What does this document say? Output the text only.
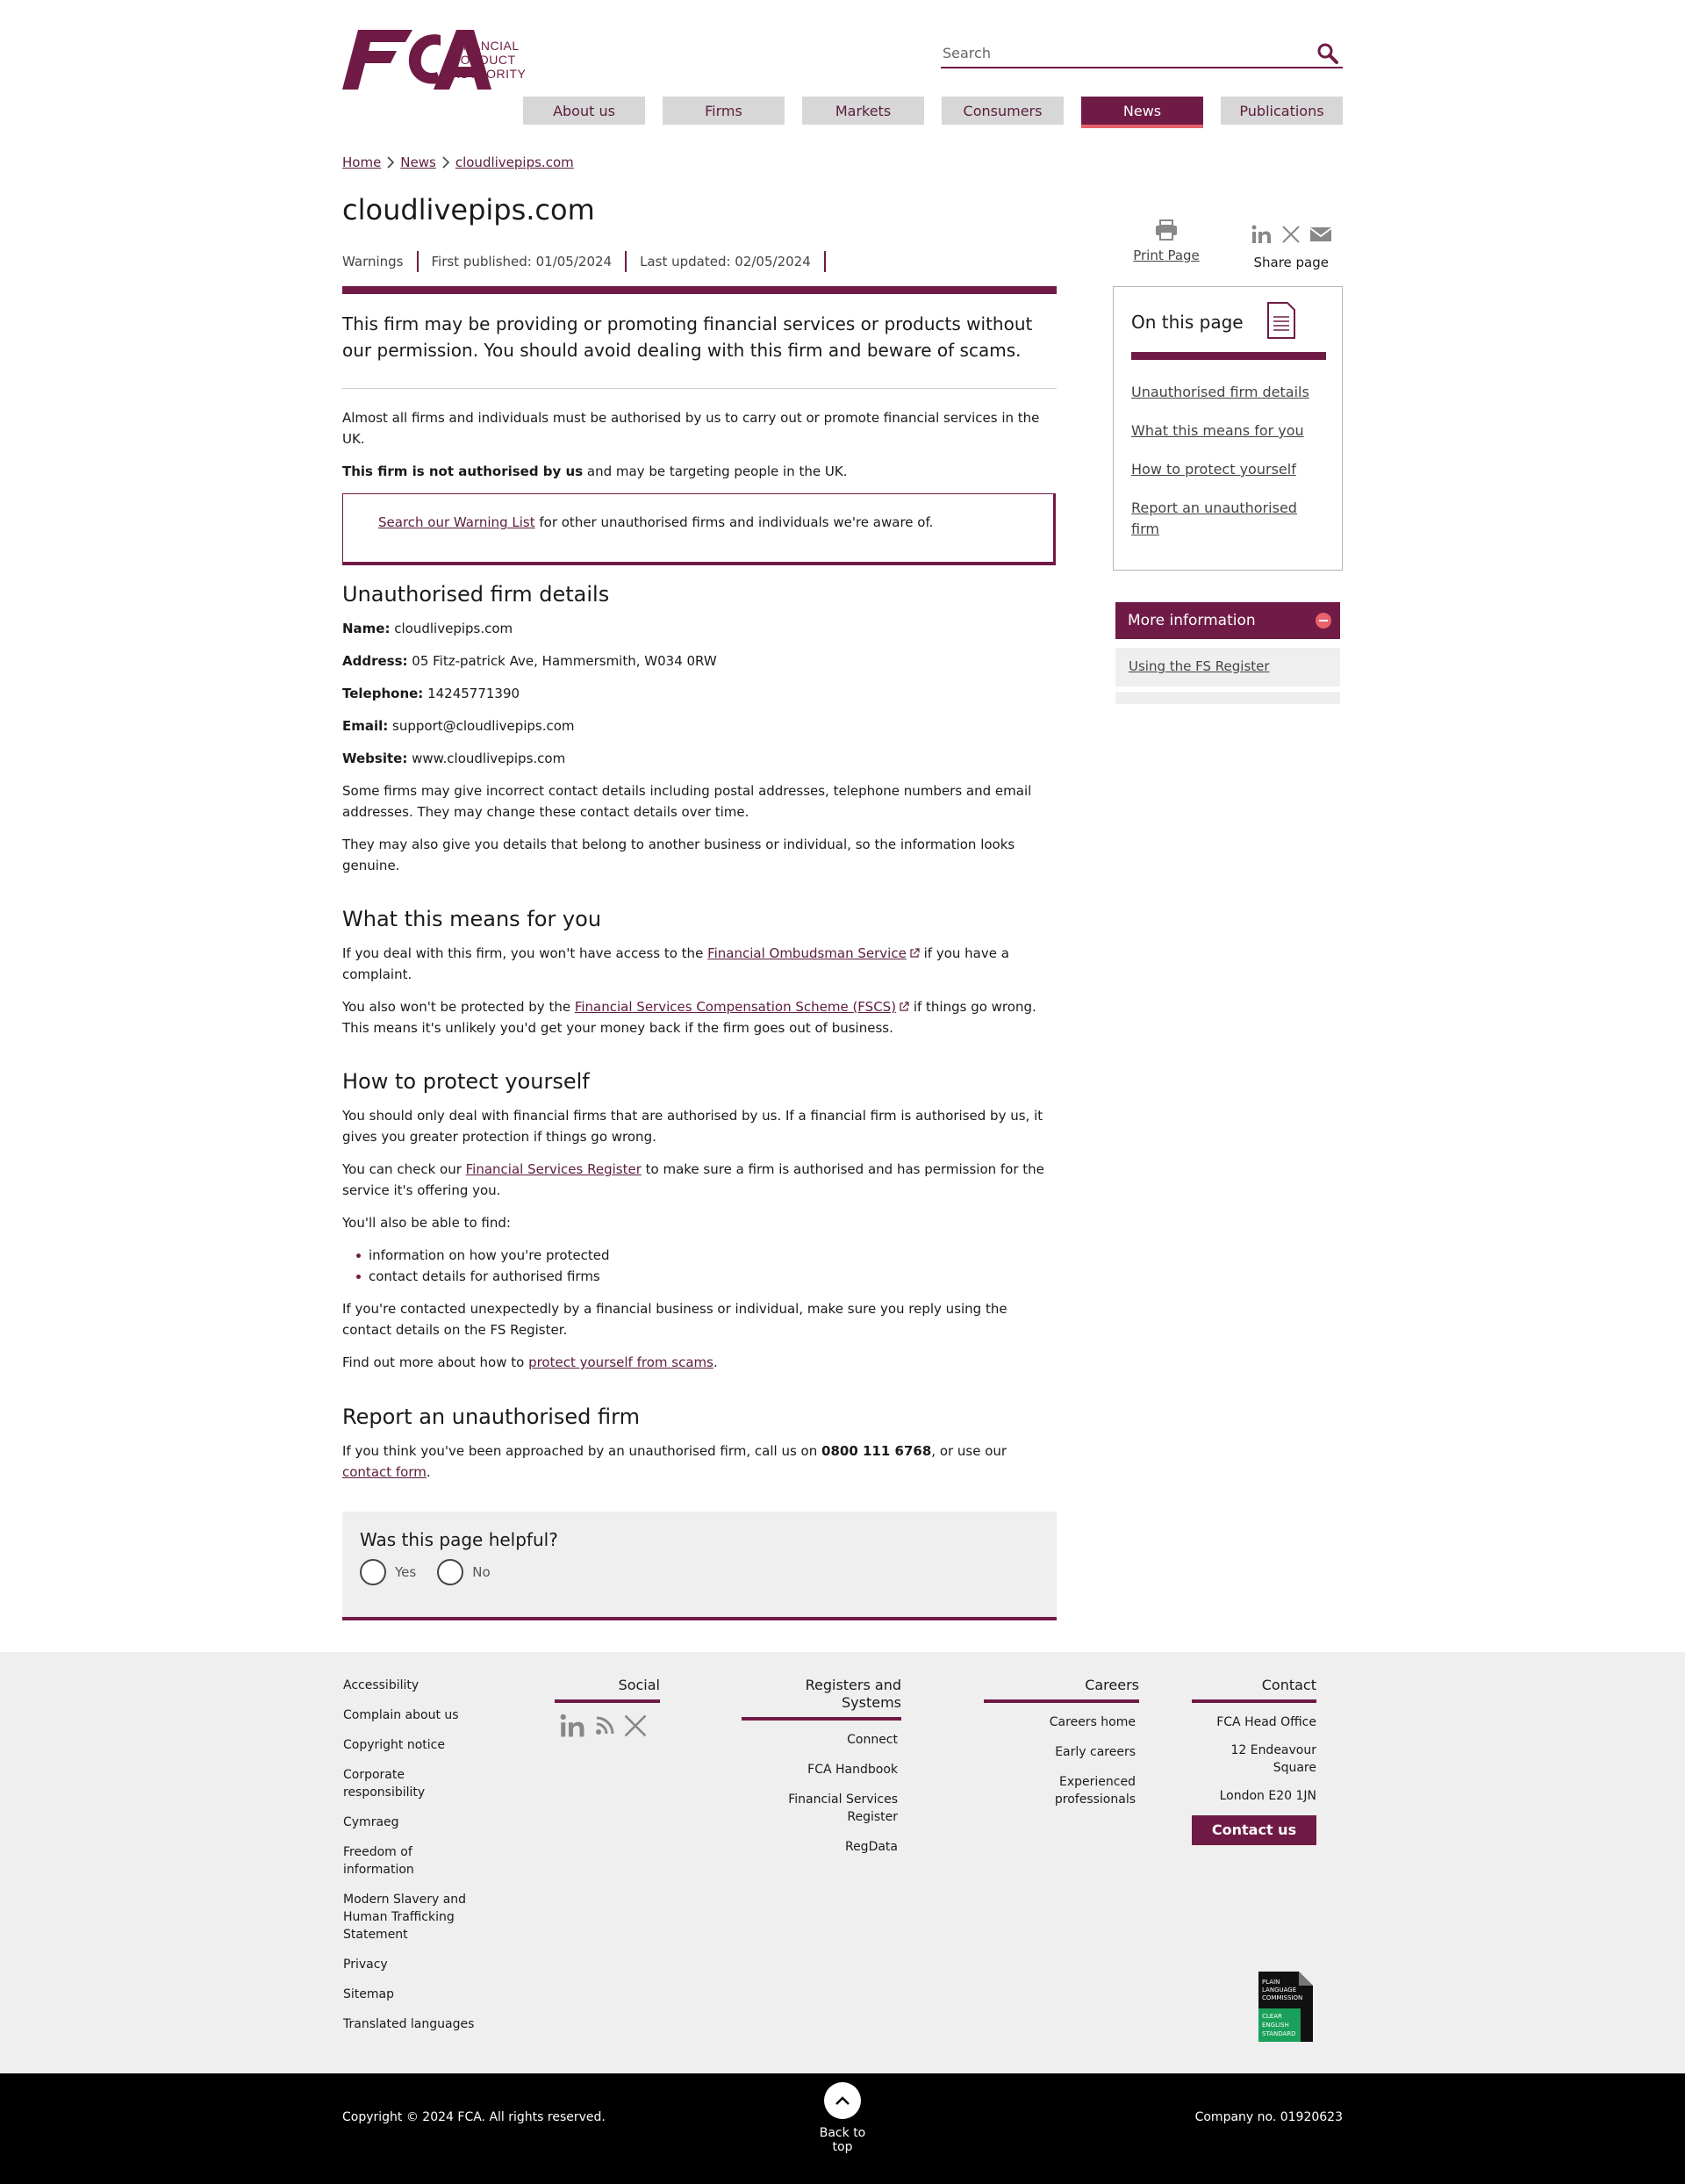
FINANCIAL
CONDUCT
AUTHORITY
Search
About us	Firms	Markets	Consumers	News	Publications
Home News cloudlivepips.com
cloudlivepips.com
Warnings	First published: 01/05/2024	Last updated: 02/05/2024

This firm may be providing or promoting financial services or products without our permission. You should avoid dealing with this firm and beware of scams.

Almost all firms and individuals must be authorised by us to carry out or promote financial services in the UK.

This firm is not authorised by us and may be targeting people in the UK.

Search our Warning List for other unauthorised firms and individuals we're aware of.
Unauthorised firm details

Name: cloudlivepips.com

Address: 05 Fitz-patrick Ave, Hammersmith, W034 0RW

Telephone: 14245771390

Email: support@cloudlivepips.com

Website: www.cloudlivepips.com

Some firms may give incorrect contact details including postal addresses, telephone numbers and email addresses. They may change these contact details over time.

They may also give you details that belong to another business or individual, so the information looks genuine.

What this means for you

If you deal with this firm, you won't have access to the Financial Ombudsman Service if you have a complaint.

You also won't be protected by the Financial Services Compensation Scheme (FSCS) if things go wrong. This means it's unlikely you'd get your money back if the firm goes out of business.

How to protect yourself

You should only deal with financial firms that are authorised by us. If a financial firm is authorised by us, it gives you greater protection if things go wrong.

You can check our Financial Services Register to make sure a firm is authorised and has permission for the service it's offering you.

You'll also be able to find:

information on how you're protected
contact details for authorised firms

If you're contacted unexpectedly by a financial business or individual, make sure you reply using the contact details on the FS Register.

Find out more about how to protect yourself from scams.

Report an unauthorised firm

If you think you've been approached by an unauthorised firm, call us on 0800 111 6768, or use our contact form.

Was this page helpful?
Yes	No
Print Page	Share page
On this page
Unauthorised firm details
What this means for you
How to protect yourself
Report an unauthorised firm
More information
Using the FS Register
Accessibility
Complain about us
Copyright notice
Corporate responsibility
Cymraeg
Freedom of information
Modern Slavery and Human Trafficking Statement
Privacy
Sitemap
Translated languages
Social	Registers and Systems
Connect
FCA Handbook
Financial Services Register
RegData
Careers
Careers home
Early careers
Experienced professionals
Contact
FCA Head Office
12 Endeavour Square
London E20 1JN
Contact us
PLAIN
LANGUAGE
COMMISSION
CLEAR
ENGLISH
STANDARD
Copyright © 2024 FCA. All rights reserved.
Back to top
Company no. 01920623
